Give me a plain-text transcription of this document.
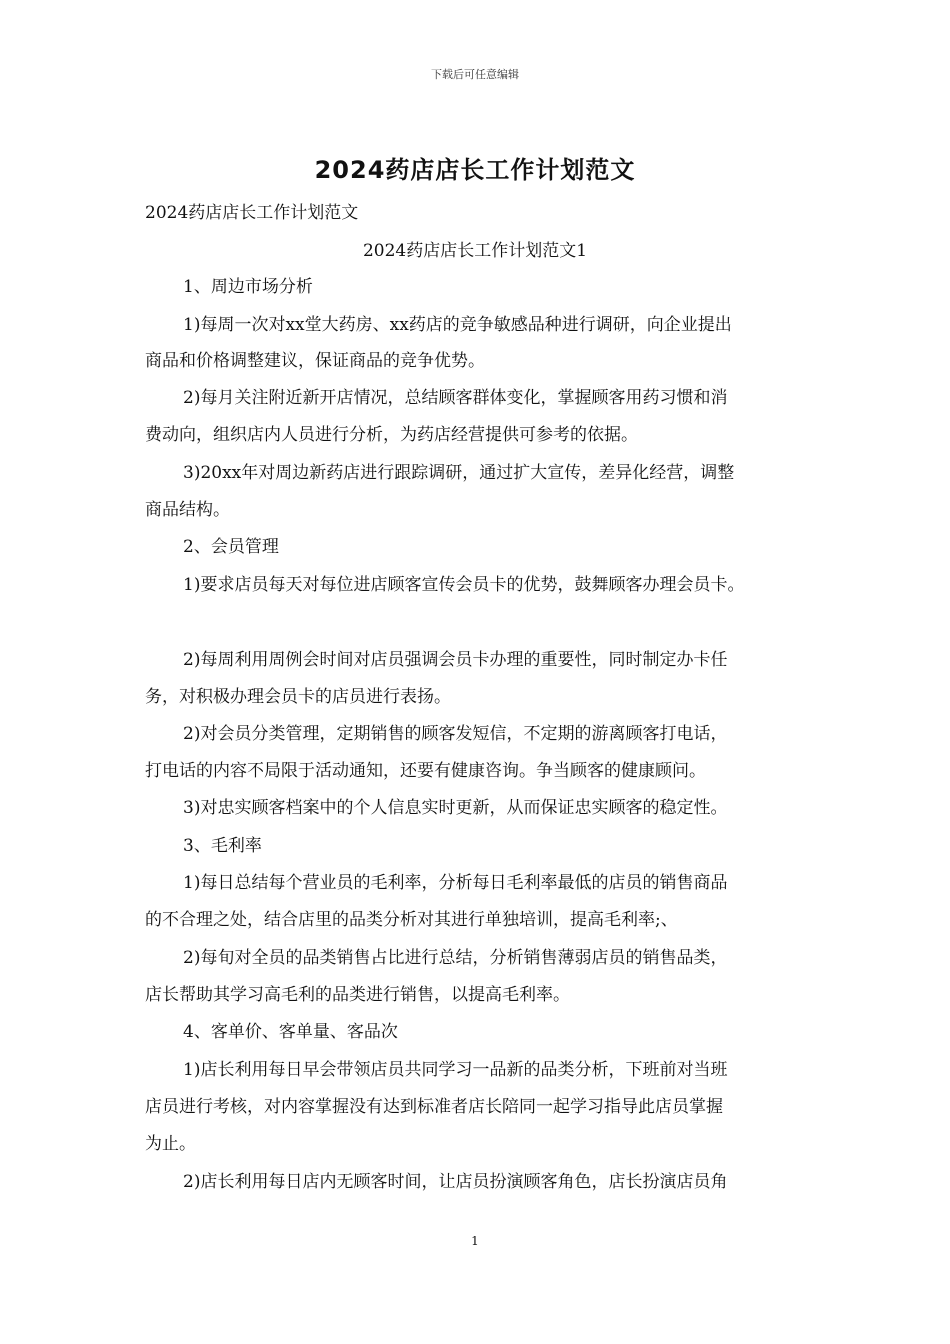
下载后可任意编辑
2024药店店长工作计划范文
2024药店店长工作计划范文
2024药店店长工作计划范文1
1、周边市场分析
1)每周一次对xx堂大药房、xx药店的竞争敏感品种进行调研，向企业提出
商品和价格调整建议，保证商品的竞争优势。
2)每月关注附近新开店情况，总结顾客群体变化，掌握顾客用药习惯和消
费动向，组织店内人员进行分析，为药店经营提供可参考的依据。
3)20xx年对周边新药店进行跟踪调研，通过扩大宣传，差异化经营，调整
商品结构。
2、会员管理
1)要求店员每天对每位进店顾客宣传会员卡的优势，鼓舞顾客办理会员卡。
2)每周利用周例会时间对店员强调会员卡办理的重要性，同时制定办卡任
务，对积极办理会员卡的店员进行表扬。
2)对会员分类管理，定期销售的顾客发短信，不定期的游离顾客打电话，
打电话的内容不局限于活动通知，还要有健康咨询。争当顾客的健康顾问。
3)对忠实顾客档案中的个人信息实时更新，从而保证忠实顾客的稳定性。
3、毛利率
1)每日总结每个营业员的毛利率，分析每日毛利率最低的店员的销售商品
的不合理之处，结合店里的品类分析对其进行单独培训，提高毛利率;、
2)每旬对全员的品类销售占比进行总结，分析销售薄弱店员的销售品类，
店长帮助其学习高毛利的品类进行销售，以提高毛利率。
4、客单价、客单量、客品次
1)店长利用每日早会带领店员共同学习一品新的品类分析，下班前对当班
店员进行考核，对内容掌握没有达到标准者店长陪同一起学习指导此店员掌握
为止。
2)店长利用每日店内无顾客时间，让店员扮演顾客角色，店长扮演店员角
1
